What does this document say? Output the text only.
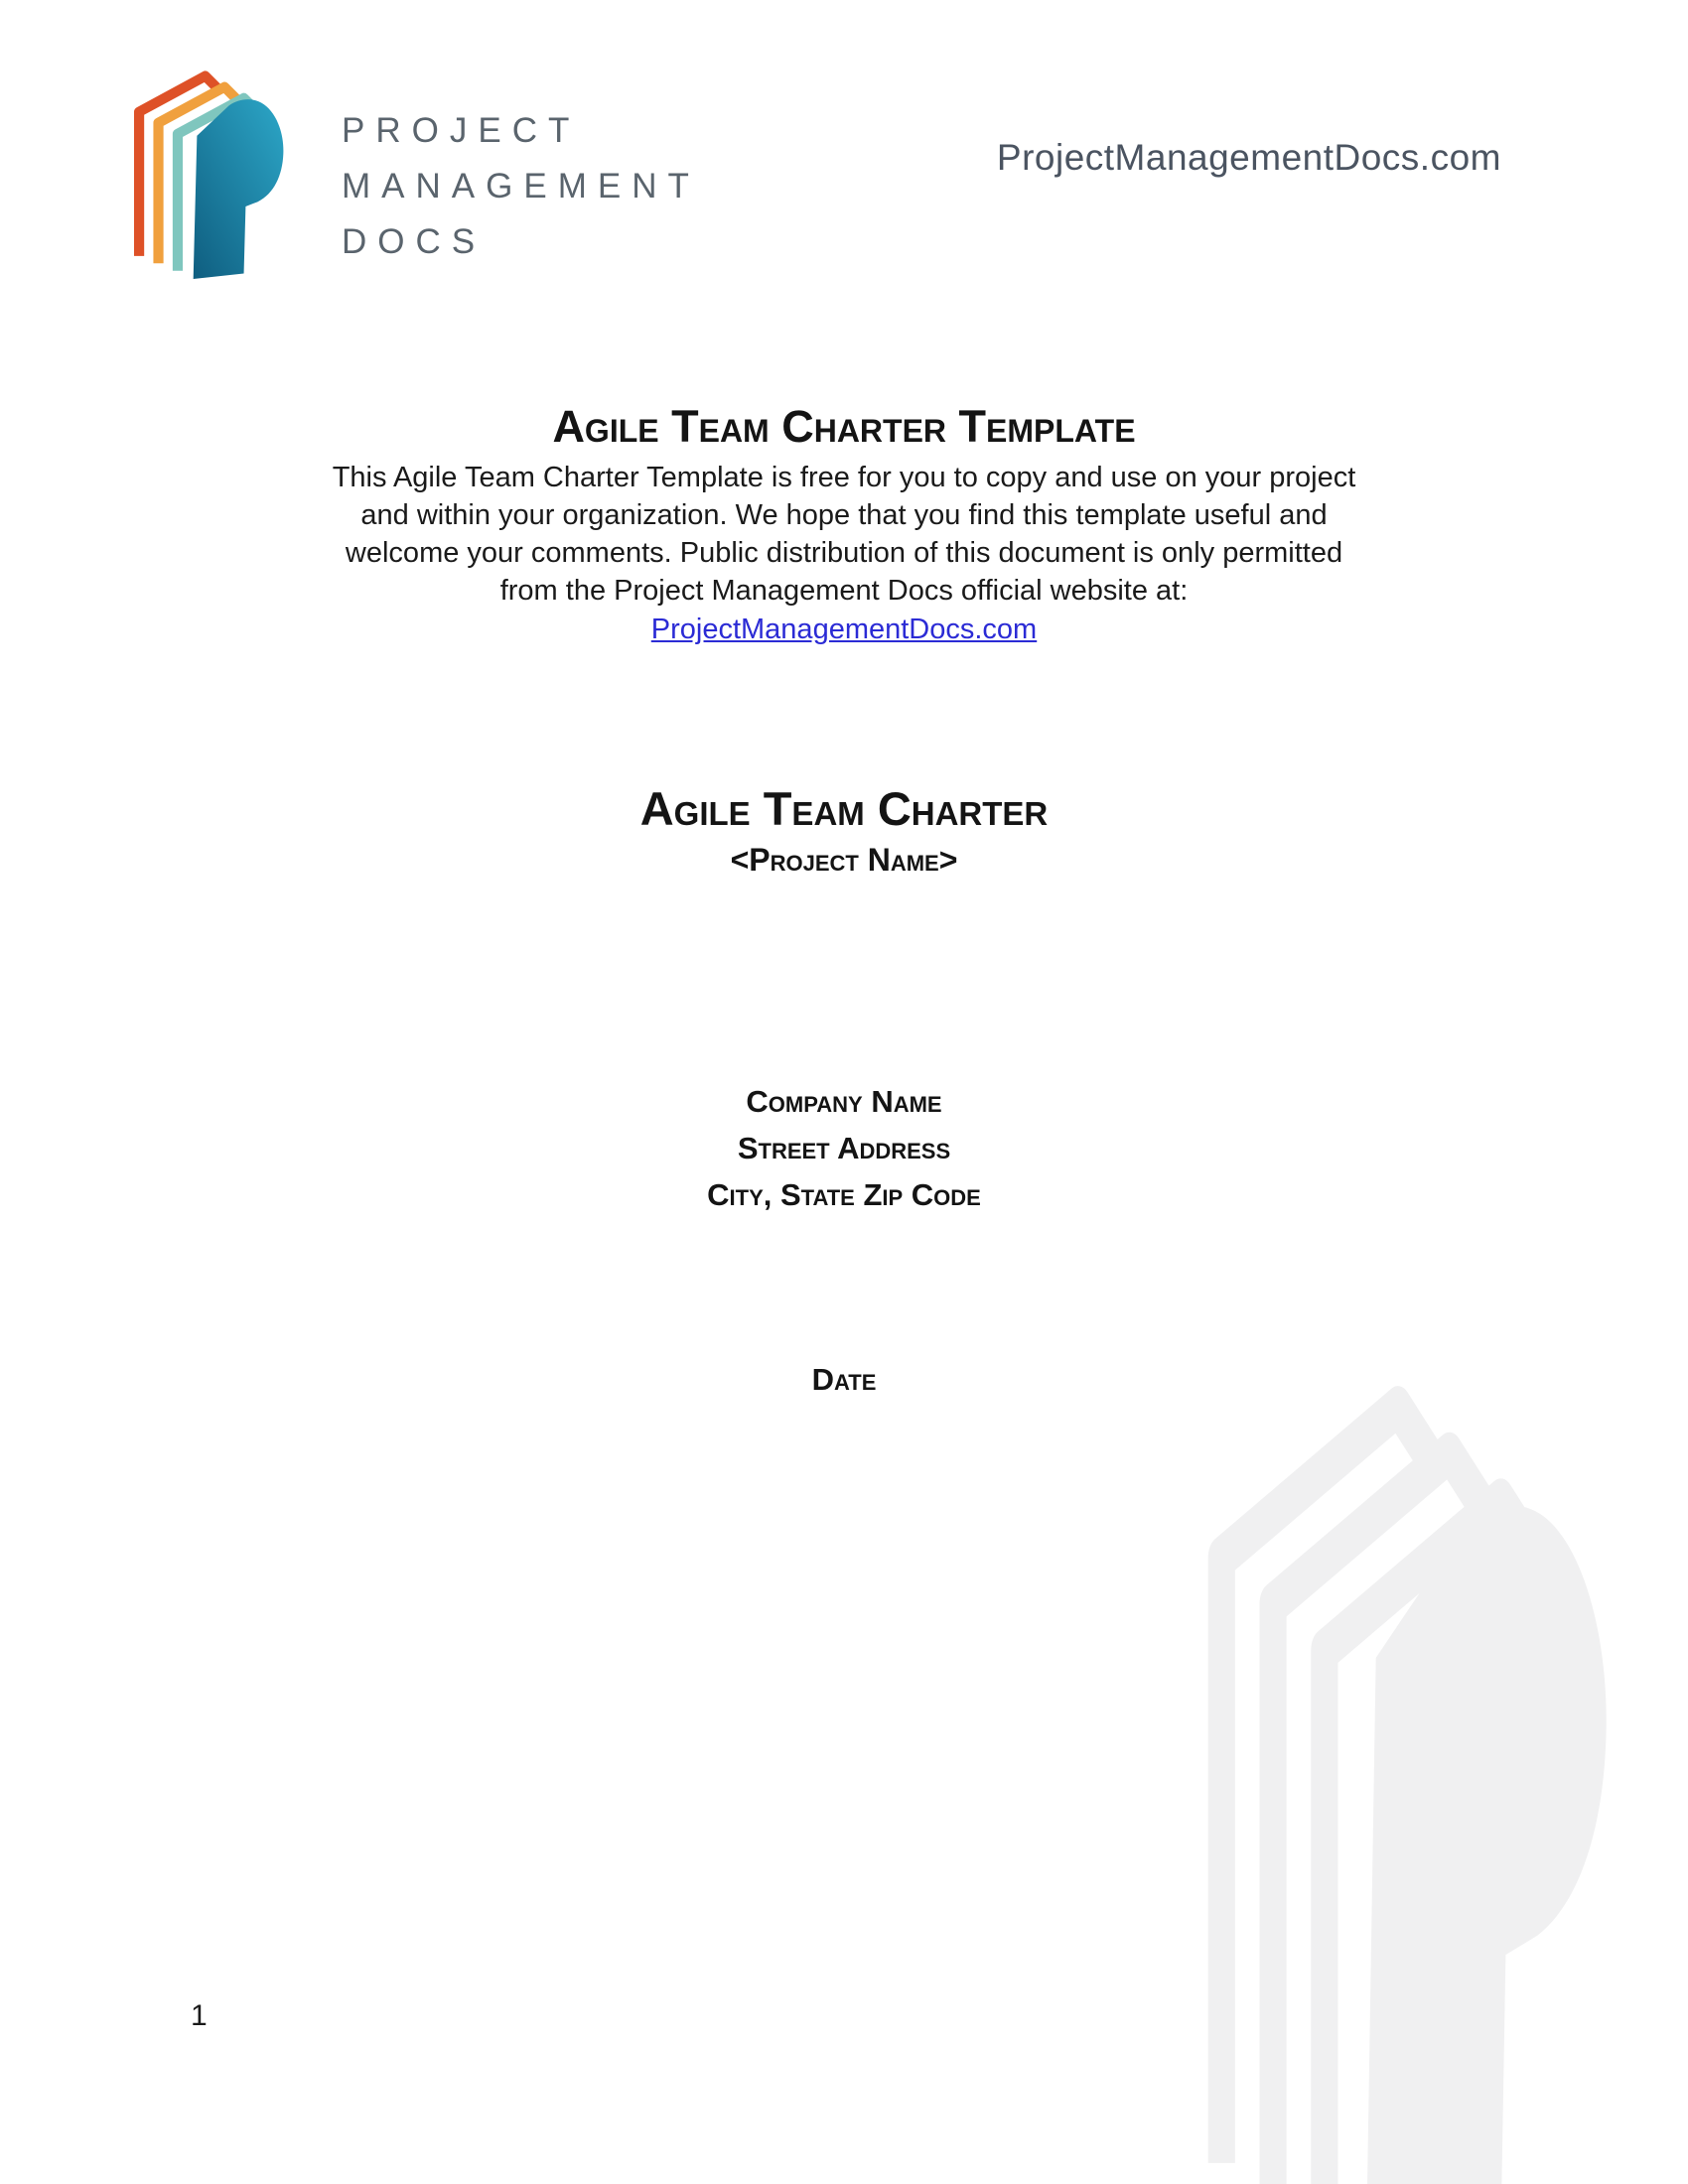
PROJECT
MANAGEMENT
DOCS
ProjectManagementDocs.com
Agile Team Charter Template
This Agile Team Charter Template is free for you to copy and use on your project
and within your organization. We hope that you find this template useful and
welcome your comments. Public distribution of this document is only permitted
from the Project Management Docs official website at:
ProjectManagementDocs.com
Agile Team Charter
<Project Name>
Company Name
Street Address
City, State Zip Code
Date
1
